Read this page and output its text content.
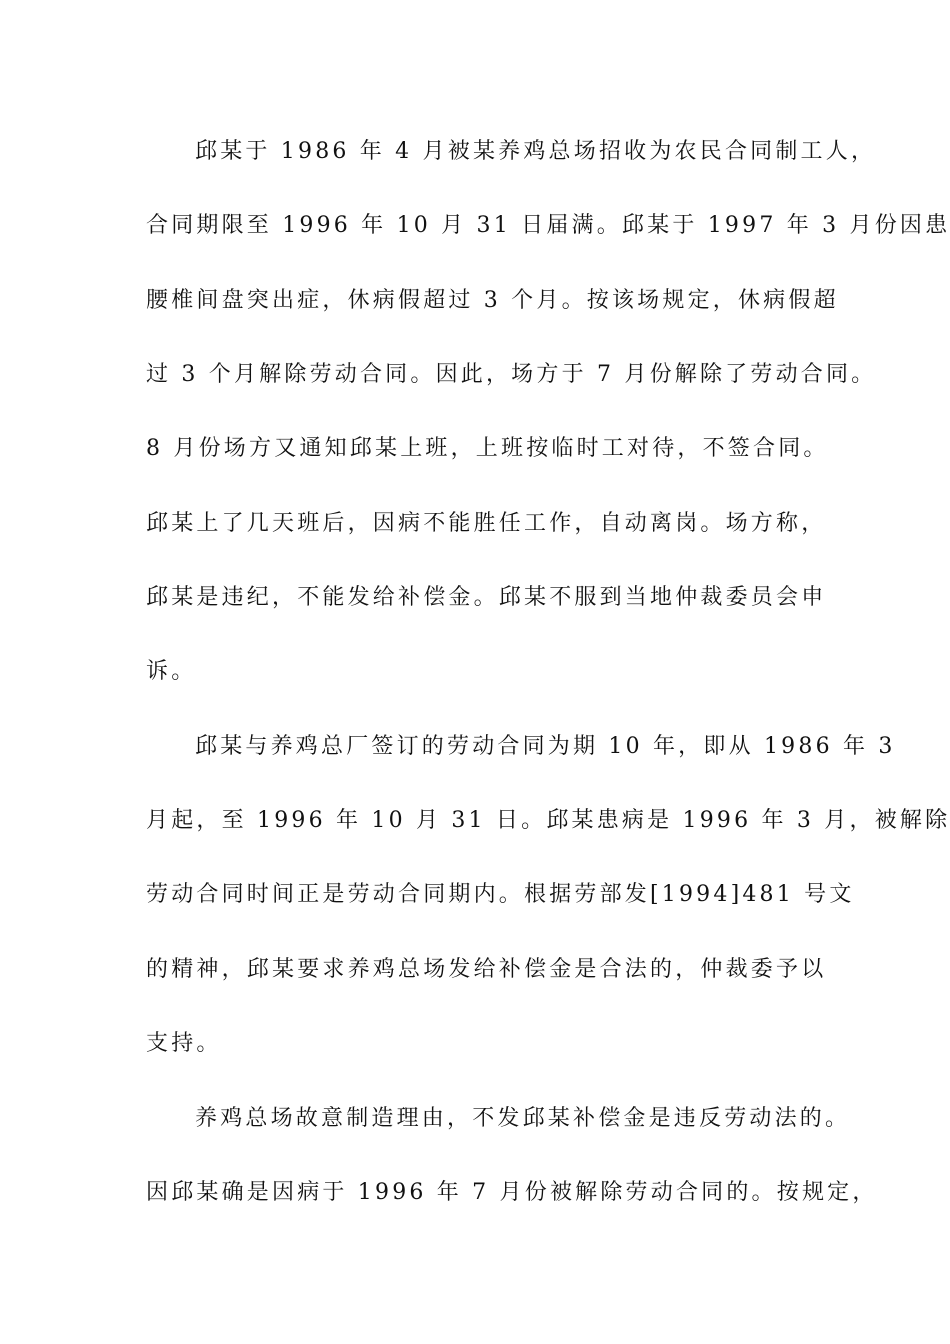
邱某于 1986 年 4 月被某养鸡总场招收为农民合同制工人，
合同期限至 1996 年 10 月 31 日届满。邱某于 1997 年 3 月份因患
腰椎间盘突出症，休病假超过 3 个月。按该场规定，休病假超
过 3 个月解除劳动合同。因此，场方于 7 月份解除了劳动合同。
8 月份场方又通知邱某上班，上班按临时工对待，不签合同。
邱某上了几天班后，因病不能胜任工作，自动离岗。场方称，
邱某是违纪，不能发给补偿金。邱某不服到当地仲裁委员会申
诉。
邱某与养鸡总厂签订的劳动合同为期 10 年，即从 1986 年 3
月起，至 1996 年 10 月 31 日。邱某患病是 1996 年 3 月，被解除
劳动合同时间正是劳动合同期内。根据劳部发[1994]481 号文
的精神，邱某要求养鸡总场发给补偿金是合法的，仲裁委予以
支持。
养鸡总场故意制造理由，不发邱某补偿金是违反劳动法的。
因邱某确是因病于 1996 年 7 月份被解除劳动合同的。按规定，
